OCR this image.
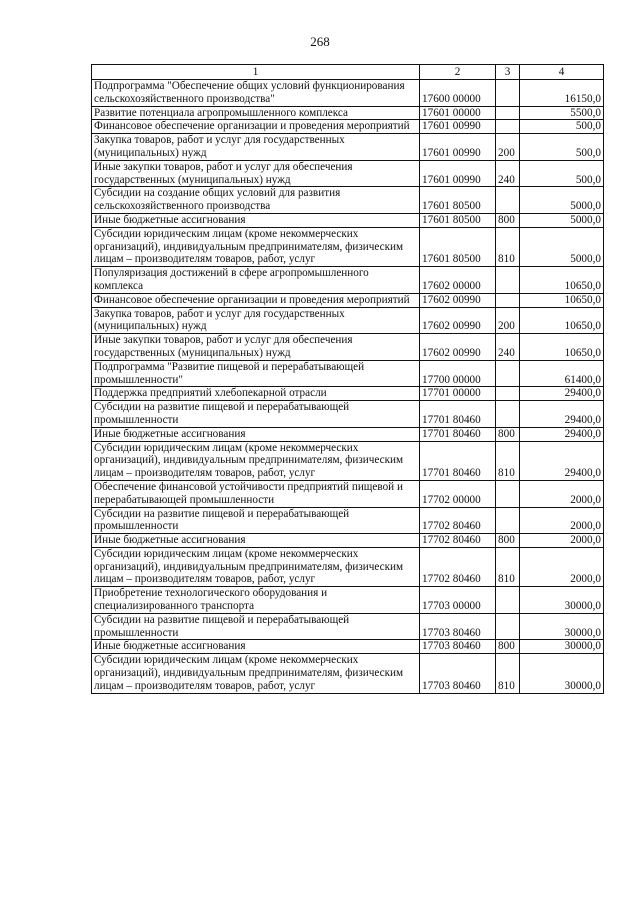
268
1	2	3	4
Подпрограмма "Обеспечение общих условий функционирования сельскохозяйственного производства"	17600 00000		16150,0
Развитие потенциала агропромышленного комплекса	17601 00000		5500,0
Финансовое обеспечение организации и проведения мероприятий	17601 00990		500,0
Закупка товаров, работ и услуг для государственных (муниципальных) нужд	17601 00990	200	500,0
Иные закупки товаров, работ и услуг для обеспечения государственных (муниципальных) нужд	17601 00990	240	500,0
Субсидии на создание общих условий для развития сельскохозяйственного производства	17601 80500		5000,0
Иные бюджетные ассигнования	17601 80500	800	5000,0
Субсидии юридическим лицам (кроме некоммерческих организаций), индивидуальным предпринимателям, физическим лицам – производителям товаров, работ, услуг	17601 80500	810	5000,0
Популяризация достижений в сфере агропромышленного комплекса	17602 00000		10650,0
Финансовое обеспечение организации и проведения мероприятий	17602 00990		10650,0
Закупка товаров, работ и услуг для государственных (муниципальных) нужд	17602 00990	200	10650,0
Иные закупки товаров, работ и услуг для обеспечения государственных (муниципальных) нужд	17602 00990	240	10650,0
Подпрограмма "Развитие пищевой и перерабатывающей промышленности"	17700 00000		61400,0
Поддержка предприятий хлебопекарной отрасли	17701 00000		29400,0
Субсидии на развитие пищевой и перерабатывающей промышленности	17701 80460		29400,0
Иные бюджетные ассигнования	17701 80460	800	29400,0
Субсидии юридическим лицам (кроме некоммерческих организаций), индивидуальным предпринимателям, физическим лицам – производителям товаров, работ, услуг	17701 80460	810	29400,0
Обеспечение финансовой устойчивости предприятий пищевой и перерабатывающей промышленности	17702 00000		2000,0
Субсидии на развитие пищевой и перерабатывающей промышленности	17702 80460		2000,0
Иные бюджетные ассигнования	17702 80460	800	2000,0
Субсидии юридическим лицам (кроме некоммерческих организаций), индивидуальным предпринимателям, физическим лицам – производителям товаров, работ, услуг	17702 80460	810	2000,0
Приобретение технологического оборудования и специализированного транспорта	17703 00000		30000,0
Субсидии на развитие пищевой и перерабатывающей промышленности	17703 80460		30000,0
Иные бюджетные ассигнования	17703 80460	800	30000,0
Субсидии юридическим лицам (кроме некоммерческих организаций), индивидуальным предпринимателям, физическим лицам – производителям товаров, работ, услуг	17703 80460	810	30000,0
